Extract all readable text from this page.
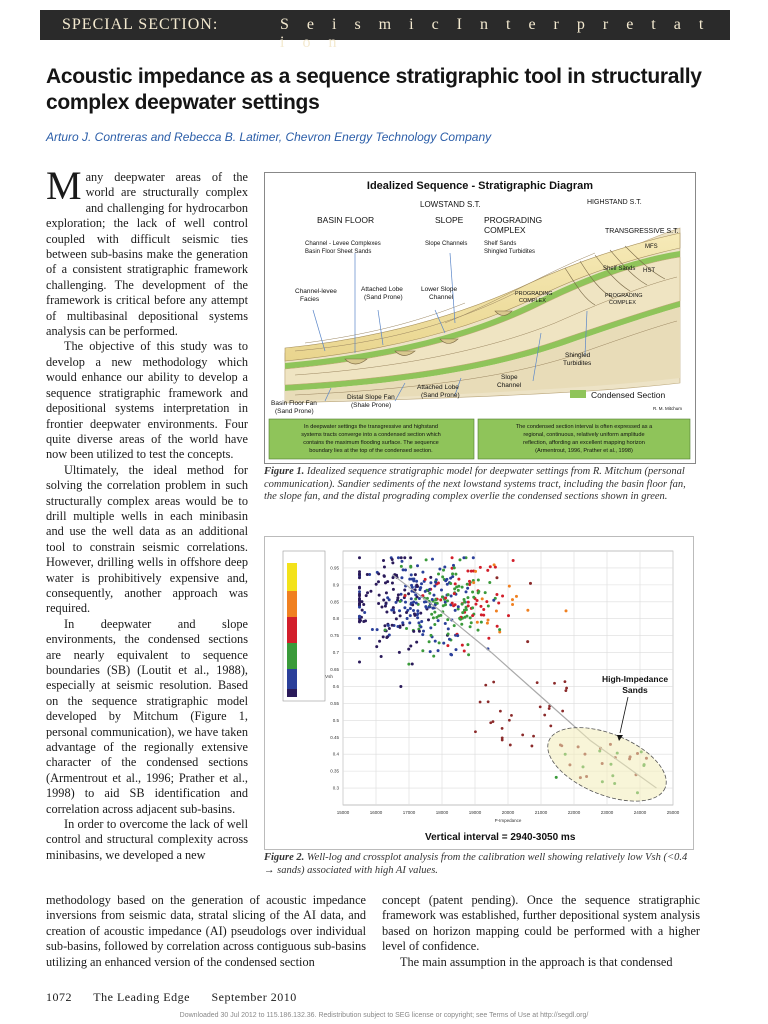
SPECIAL SECTION:	S e i s m i c I n t e r p r e t a t i o n
Acoustic impedance as a sequence stratigraphic tool in structurally complex deepwater settings
Arturo J. Contreras and Rebecca B. Latimer, Chevron Energy Technology Company

Many deepwater areas of the world are structurally complex and challenging for hydrocarbon exploration; the lack of well control coupled with difficult seismic ties between sub-basins make the generation of a consistent stratigraphic framework challenging. The development of the framework is critical before any attempt of multibasinal depositional systems analysis can be performed.

The objective of this study was to develop a new methodology which would enhance our ability to develop a sequence stratigraphic framework and depositional systems interpretation in frontier deepwater environments. Four quite diverse areas of the world have now been utilized to test the concepts.

Ultimately, the ideal method for solving the correlation problem in such structurally complex areas would be to drill multiple wells in each minibasin and use the well data as an additional tool to constrain seismic correlations. However, drilling wells in offshore deep water is prohibitively expensive and, consequently, another approach was required.

In deepwater and slope environments, the condensed sections are nearly equivalent to sequence boundaries (SB) (Loutit et al., 1988), especially at seismic resolution. Based on the sequence stratigraphic model developed by Mitchum (Figure 1, personal communication), we have taken advantage of the regionally extensive character of the condensed sections (Armentrout et al., 1996; Prather et al., 1998) to aid SB identification and correlation across adjacent sub-basins.

In order to overcome the lack of well control and structural complexity across minibasins, we developed a new

methodology based on the generation of acoustic impedance inversions from seismic data, stratal slicing of the AI data, and creation of acoustic impedance (AI) pseudologs over individual sub-basins, followed by correlation across contiguous sub-basins utilizing an enhanced version of the condensed section

concept (patent pending). Once the sequence stratigraphic framework was established, further depositional system analysis based on horizon mapping could be performed with a higher level of confidence.

The main assumption in the approach is that condensed

Idealized Sequence - Stratigraphic Diagram
LOWSTAND S.T.	HIGHSTAND S.T.
BASIN FLOOR	SLOPE PROGRADING
COMPLEX	TRANSGRESSIVE S.T.
Channel - Levee Complexes
Basin Floor Sheet Sands
Slope Channels	Shelf Sands
Shingled Turbidites
MFS
Shelf Sands HST
Channel-levee
Facies
Attached Lobe
(Sand Prone)
Lower Slope
Channel	PROGRADING
COMPLEX
PROGRADING
COMPLEX
Shingled
Turbidites
Slope
Channel
Basin Floor Fan
(Sand Prone)
Distal Slope Fan
(Shale Prone)
Attached Lobe
(Sand Prone)	Condensed Section
R. M. Mitchum
In deepwater settings the transgressive and highstand
systems tracts converge into a condensed section which
contains the maximum flooding surface. The sequence
boundary lies at the top of the condensed section.
The condensed section interval is often expressed as a
regional, continuous, relatively uniform amplitude
reflection, affording an excellent mapping horizon
(Armentrout, 1996, Prather et al., 1998)
Figure 1. Idealized sequence stratigraphic model for deepwater settings from R. Mitchum (personal communication). Sandier sediments of the next lowstand systems tract, including the basin floor fan, the slope fan, and the distal prograding complex overlie the condensed sections shown in green.
15000	16000	17000	18000	19000	20000	21000	22000	23000	24000	25000
0.3
0.35
0.4
0.45
0.5
0.55
0.6
0.65
0.7
0.75
0.8
0.85
0.9
0.95
P-Impedance
Vsh	High-Impedance
Sands
Vertical interval = 2940-3050 ms
Figure 2. Well-log and crossplot analysis from the calibration well showing relatively low Vsh (<0.4 → sands) associated with high AI values.
1072 The Leading Edge September 2010
Downloaded 30 Jul 2012 to 115.186.132.36. Redistribution subject to SEG license or copyright; see Terms of Use at http://segdl.org/
